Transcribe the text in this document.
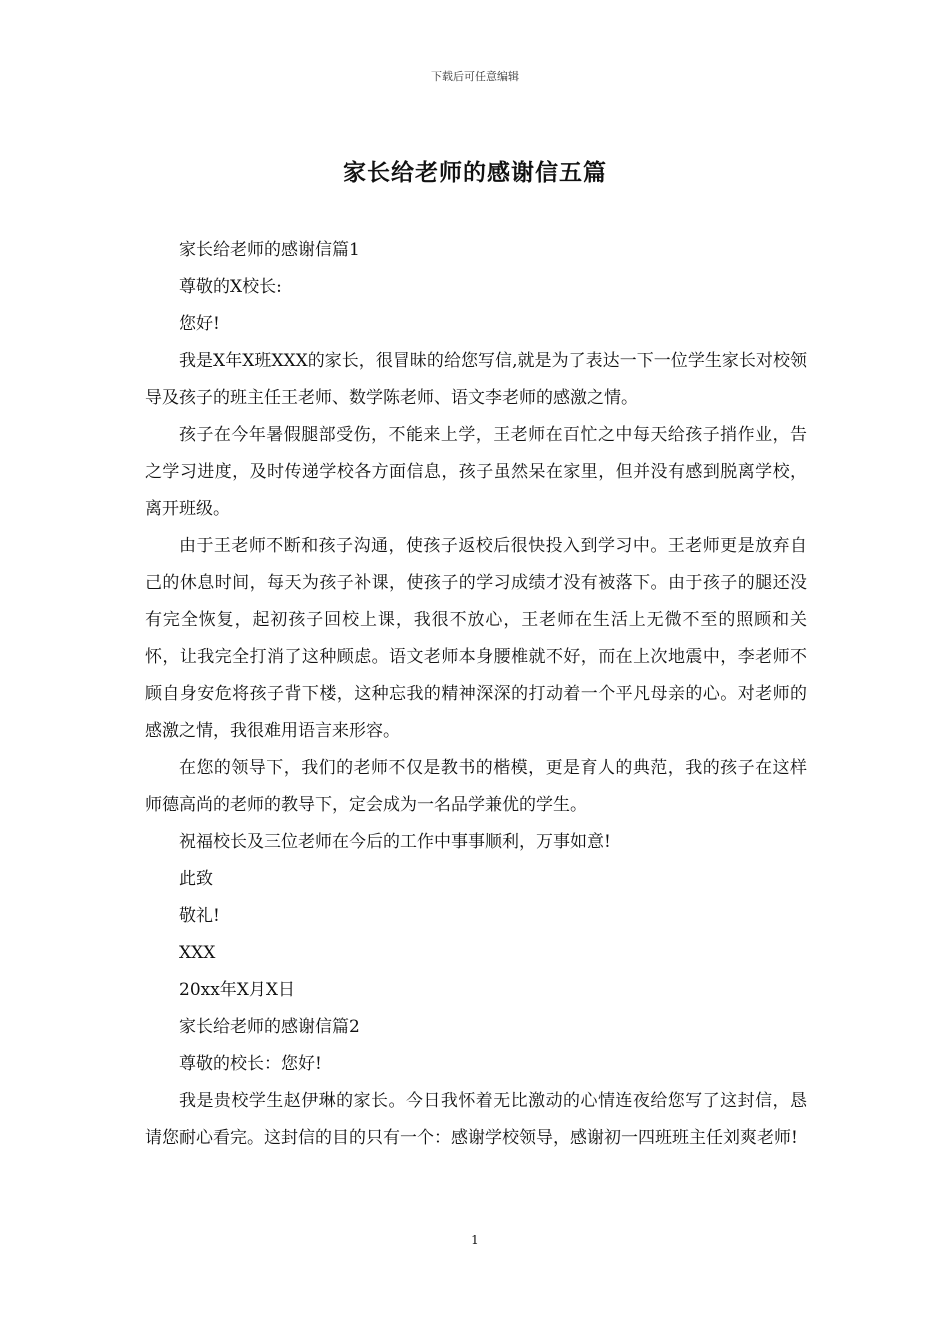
下载后可任意编辑
家长给老师的感谢信五篇

家长给老师的感谢信篇1

尊敬的X校长:

您好!

我是X年X班XXX的家长，很冒昧的给您写信,就是为了表达一下一位学生家长对校领导及孩子的班主任王老师、数学陈老师、语文李老师的感激之情。

孩子在今年暑假腿部受伤，不能来上学，王老师在百忙之中每天给孩子捎作业，告之学习进度，及时传递学校各方面信息，孩子虽然呆在家里，但并没有感到脱离学校，离开班级。

由于王老师不断和孩子沟通，使孩子返校后很快投入到学习中。王老师更是放弃自己的休息时间，每天为孩子补课，使孩子的学习成绩才没有被落下。由于孩子的腿还没有完全恢复，起初孩子回校上课，我很不放心，王老师在生活上无微不至的照顾和关怀，让我完全打消了这种顾虑。语文老师本身腰椎就不好，而在上次地震中，李老师不顾自身安危将孩子背下楼，这种忘我的精神深深的打动着一个平凡母亲的心。对老师的感激之情，我很难用语言来形容。

在您的领导下，我们的老师不仅是教书的楷模，更是育人的典范，我的孩子在这样师德高尚的老师的教导下，定会成为一名品学兼优的学生。

祝福校长及三位老师在今后的工作中事事顺利，万事如意!

此致

敬礼!

XXX

20xx年X月X日

家长给老师的感谢信篇2

尊敬的校长：您好!

我是贵校学生赵伊琳的家长。今日我怀着无比激动的心情连夜给您写了这封信，恳请您耐心看完。这封信的目的只有一个：感谢学校领导，感谢初一四班班主任刘爽老师!

1
